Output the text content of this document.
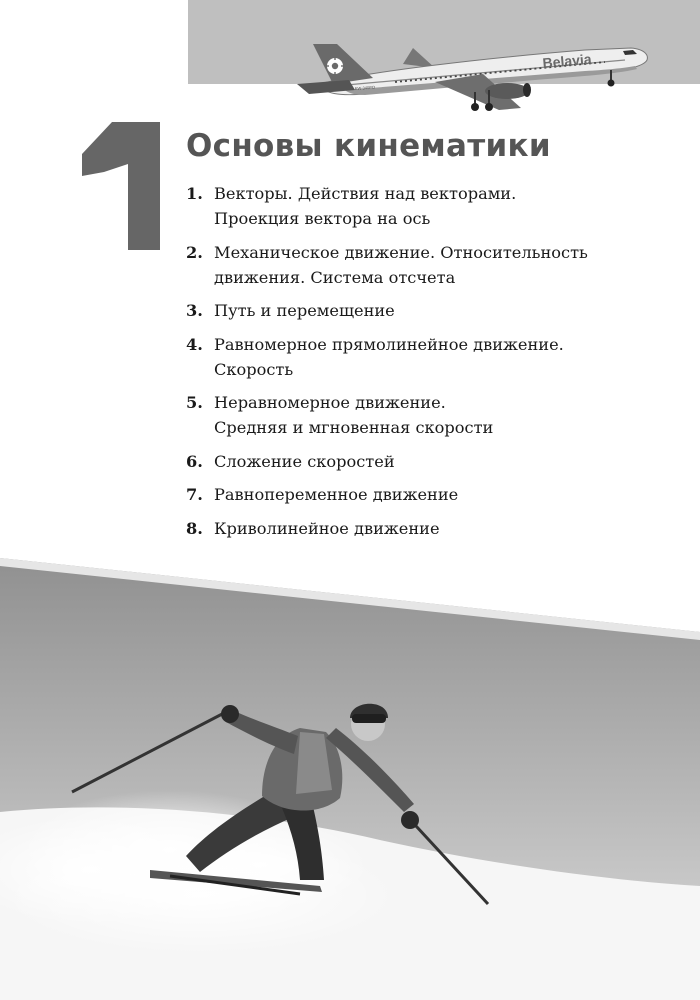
Belavia
EW-340PO
1
Основы кинематики
1. Векторы. Действия над векторами.
Проекция вектора на ось
2. Механическое движение. Относительность
движения. Система отсчета
3. Путь и перемещение
4. Равномерное прямолинейное движение.
Скорость
5. Неравномерное движение.
Средняя и мгновенная скорости
6. Сложение скоростей
7. Равнопеременное движение
8. Криволинейное движение
